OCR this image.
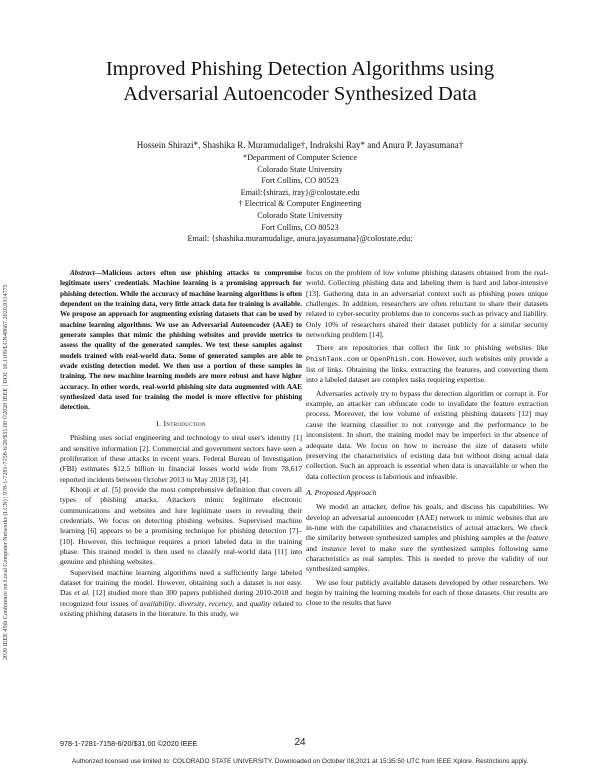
2020 IEEE 45th Conference on Local Computer Networks (LCN) | 978-1-7281-7158-6/20/$31.00 ©2020 IEEE | DOI: 10.1109/LCN48667.2020.9314775
Improved Phishing Detection Algorithms using
Adversarial Autoencoder Synthesized Data
Hossein Shirazi*, Shashika R. Muramudalige†, Indrakshi Ray* and Anura P. Jayasumana†
*Department of Computer Science
Colorado State University
Fort Collins, CO 80523
Email:{shirazi, iray}@colostate.edu
† Electrical & Computer Engineering
Colorado State University
Fort Collins, CO 80523
Email: {shashika.muramudalige, anura.jayasumana}@colostate.edu;

Abstract—Malicious actors often use phishing attacks to compromise legitimate users' credentials. Machine learning is a promising approach for phishing detection. While the accuracy of machine learning algorithms is often dependent on the training data, very little attack data for training is available. We propose an approach for augmenting existing datasets that can be used by machine learning algorithms. We use an Adversarial Autoencoder (AAE) to generate samples that mimic the phishing websites and provide metrics to assess the quality of the generated samples. We test these samples against models trained with real-world data. Some of generated samples are able to evade existing detection model. We then use a portion of these samples in training. The new machine learning models are more robust and have higher accuracy. In other words, real-world phishing site data augmented with AAE synthesized data used for training the model is more effective for phishing detection.

I. Introduction

Phishing uses social engineering and technology to steal user's identity [1] and sensitive information [2]. Commercial and government sectors have seen a proliferation of these attacks in recent years. Federal Bureau of Investigation (FBI) estimates $12.5 billion in financial losses world wide from 78,617 reported incidents between October 2013 to May 2018 [3], [4].

Khonji et al. [5] provide the most comprehensive definition that covers all types of phishing attacks. Attackers mimic legitimate electronic communications and websites and lure legitimate users in revealing their credentials. We focus on detecting phishing websites. Supervised machine learning [6] appears to be a promising technique for phishing detection [7]–[10]. However, this technique requires a priori labeled data in the training phase. This trained model is then used to classify real-world data [11] into genuine and phishing websites.

Supervised machine learning algorithms need a sufficiently large labeled dataset for training the model. However, obtaining such a dataset is not easy. Das et al. [12] studied more than 300 papers published during 2010-2018 and recognized four issues of availability, diversity, recency, and quality related to existing phishing datasets in the literature. In this study, we

focus on the problem of low volume phishing datasets obtained from the real-world. Collecting phishing data and labeling them is hard and labor-intensive [13]. Gathering data in an adversarial context such as phishing poses unique challenges. In addition, researchers are often reluctant to share their datasets related to cyber-security problems due to concerns such as privacy and liability. Only 10% of researchers shared their dataset publicly for a similar security networking problem [14].

There are repositories that collect the link to phishing websites like PhishTank.com or OpenPhish.com. However, such websites only provide a list of links. Obtaining the links, extracting the features, and converting them into a labeled dataset are complex tasks requiring expertise.

Adversaries actively try to bypass the detection algorithm or corrupt it. For example, an attacker can obfuscate code to invalidate the feature extraction process. Moreover, the low volume of existing phishing datasets [12] may cause the learning classifier to not converge and the performance to be inconsistent. In short, the training model may be imperfect in the absence of adequate data. We focus on how to increase the size of datasets while preserving the characteristics of existing data but without doing actual data collection. Such an approach is essential when data is unavailable or when the data collection process is laborious and infeasible.

A. Proposed Approach

We model an attacker, define his goals, and discuss his capabilities. We develop an adversarial autoencoder (AAE) network to mimic websites that are in-tune with the capabilities and characteristics of actual attackers. We check the similarity between synthesized samples and phishing samples at the feature and instance level to make sure the synthesized samples following same characteristics as real samples. This is needed to prove the validity of our synthesized samples.

We use four publicly available datasets developed by other researchers. We begin by training the learning models for each of those datasets. Our results are close to the results that have

978-1-7281-7158-6/20/$31.00 ©2020 IEEE	24
Authorized licensed use limited to: COLORADO STATE UNIVERSITY. Downloaded on October 08,2021 at 15:35:50 UTC from IEEE Xplore. Restrictions apply.
